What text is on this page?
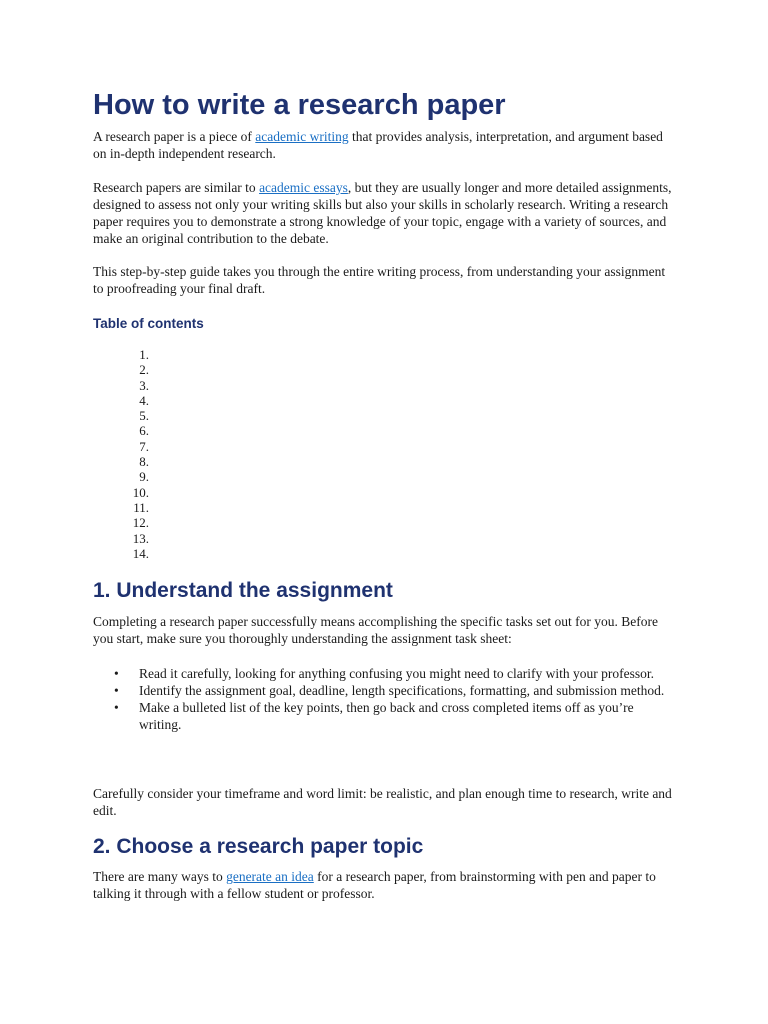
How to write a research paper

A research paper is a piece of academic writing that provides analysis, interpretation, and argument based on in-depth independent research.

Research papers are similar to academic essays, but they are usually longer and more detailed assignments, designed to assess not only your writing skills but also your skills in scholarly research. Writing a research paper requires you to demonstrate a strong knowledge of your topic, engage with a variety of sources, and make an original contribution to the debate.

This step-by-step guide takes you through the entire writing process, from understanding your assignment to proofreading your final draft.

Table of contents
1.
2.
3.
4.
5.
6.
7.
8.
9.
10.
11.
12.
13.
14.
1. Understand the assignment

Completing a research paper successfully means accomplishing the specific tasks set out for you. Before you start, make sure you thoroughly understanding the assignment task sheet:

• Read it carefully, looking for anything confusing you might need to clarify with your professor.
• Identify the assignment goal, deadline, length specifications, formatting, and submission method.
• Make a bulleted list of the key points, then go back and cross completed items off as you’re writing.

Carefully consider your timeframe and word limit: be realistic, and plan enough time to research, write and edit.

2. Choose a research paper topic

There are many ways to generate an idea for a research paper, from brainstorming with pen and paper to talking it through with a fellow student or professor.
